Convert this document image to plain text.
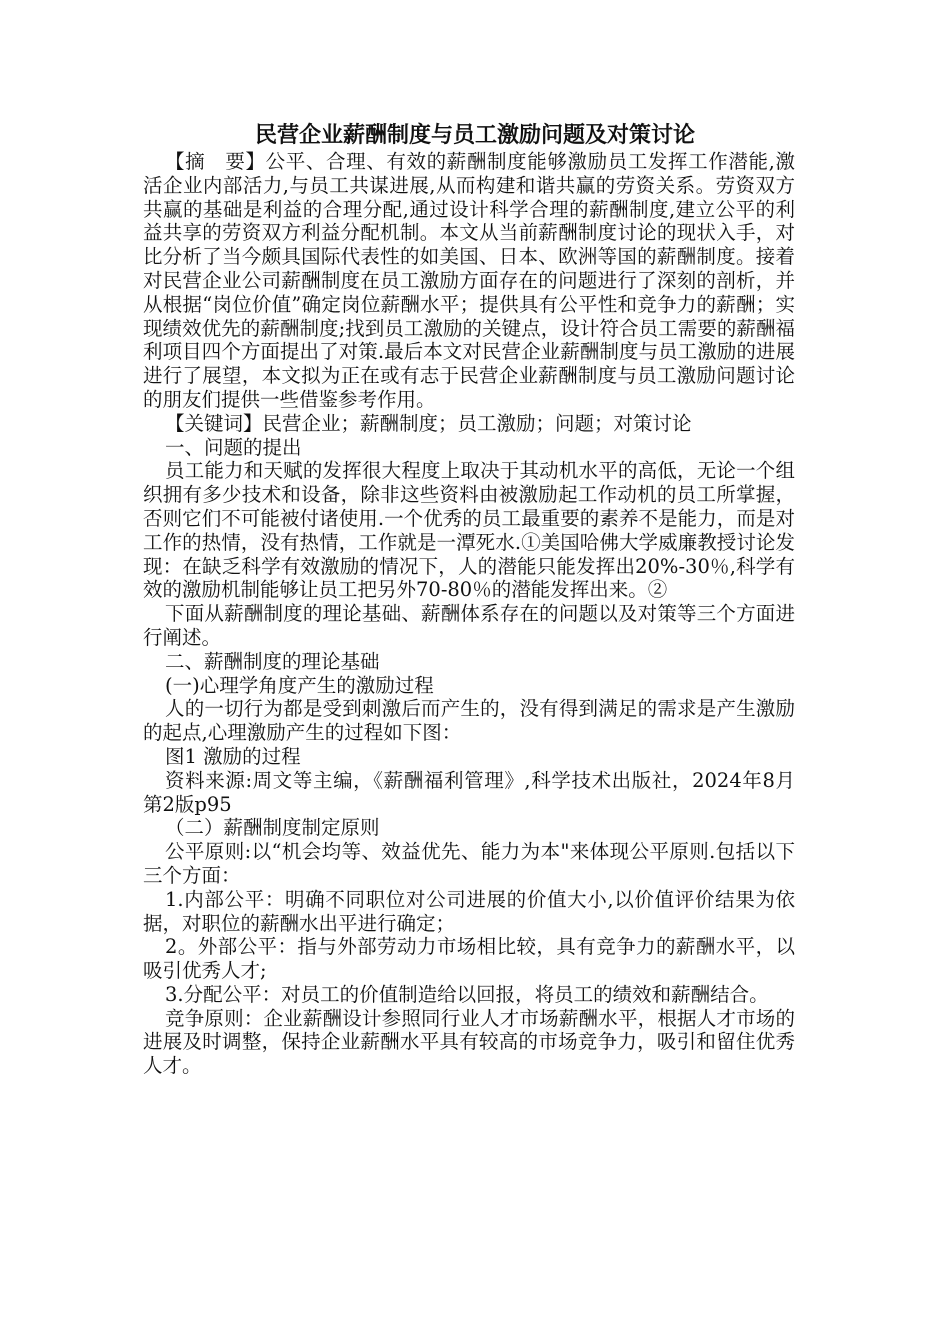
民营企业薪酬制度与员工激励问题及对策讨论

【摘　要】公平、合理、有效的薪酬制度能够激励员工发挥工作潜能,激活企业内部活力,与员工共谋进展,从而构建和谐共赢的劳资关系。劳资双方共赢的基础是利益的合理分配,通过设计科学合理的薪酬制度,建立公平的利益共享的劳资双方利益分配机制。本文从当前薪酬制度讨论的现状入手，对比分析了当今颇具国际代表性的如美国、日本、欧洲等国的薪酬制度。接着对民营企业公司薪酬制度在员工激励方面存在的问题进行了深刻的剖析，并从根据“岗位价值”确定岗位薪酬水平；提供具有公平性和竞争力的薪酬；实现绩效优先的薪酬制度;找到员工激励的关键点，设计符合员工需要的薪酬福利项目四个方面提出了对策.最后本文对民营企业薪酬制度与员工激励的进展进行了展望，本文拟为正在或有志于民营企业薪酬制度与员工激励问题讨论的朋友们提供一些借鉴参考作用。

【关键词】民营企业；薪酬制度；员工激励；问题；对策讨论

一、问题的提出

员工能力和天赋的发挥很大程度上取决于其动机水平的高低，无论一个组织拥有多少技术和设备，除非这些资料由被激励起工作动机的员工所掌握，否则它们不可能被付诸使用.一个优秀的员工最重要的素养不是能力，而是对工作的热情，没有热情，工作就是一潭死水.①美国哈佛大学威廉教授讨论发现：在缺乏科学有效激励的情况下，人的潜能只能发挥出20%-30％,科学有效的激励机制能够让员工把另外70-80％的潜能发挥出来。②

下面从薪酬制度的理论基础、薪酬体系存在的问题以及对策等三个方面进行阐述。

二、薪酬制度的理论基础

(一)心理学角度产生的激励过程

人的一切行为都是受到刺激后而产生的，没有得到满足的需求是产生激励的起点,心理激励产生的过程如下图：

图1 激励的过程

资料来源:周文等主编，《薪酬福利管理》,科学技术出版社，2024年8月第2版p95

（二）薪酬制度制定原则

公平原则:以“机会均等、效益优先、能力为本"来体现公平原则.包括以下三个方面：

1.内部公平：明确不同职位对公司进展的价值大小,以价值评价结果为依据，对职位的薪酬水出平进行确定；

2。外部公平：指与外部劳动力市场相比较，具有竞争力的薪酬水平，以吸引优秀人才;

3.分配公平：对员工的价值制造给以回报，将员工的绩效和薪酬结合。

竞争原则：企业薪酬设计参照同行业人才市场薪酬水平，根据人才市场的进展及时调整，保持企业薪酬水平具有较高的市场竞争力，吸引和留住优秀人才。
